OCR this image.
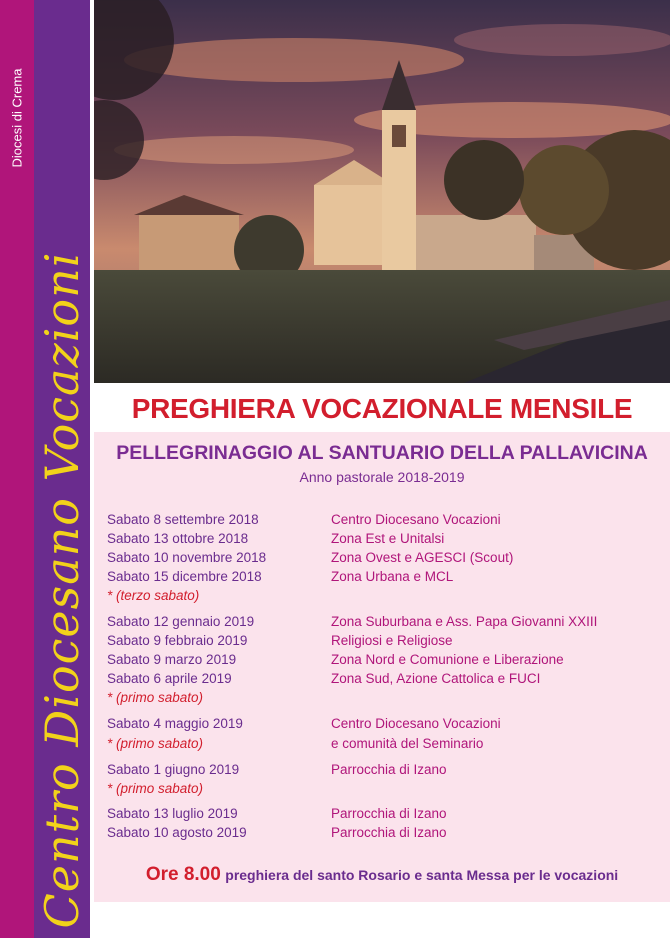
Diocesi di Crema
Centro Diocesano Vocazioni	PREGHIERA VOCAZIONALE MENSILE
PELLEGRINAGGIO AL SANTUARIO DELLA PALLAVICINA
Anno pastorale 2018-2019
Sabato 8 settembre 2018	Centro Diocesano Vocazioni
Sabato 13 ottobre 2018	Zona Est e Unitalsi
Sabato 10 novembre 2018	Zona Ovest e AGESCI (Scout)
Sabato 15 dicembre 2018	Zona Urbana e MCL
* (terzo sabato)
Sabato 12 gennaio 2019	Zona Suburbana e Ass. Papa Giovanni XXIII
Sabato 9 febbraio 2019	Religiosi e Religiose
Sabato 9 marzo 2019	Zona Nord e Comunione e Liberazione
Sabato 6 aprile 2019	Zona Sud, Azione Cattolica e FUCI
* (primo sabato)
Sabato 4 maggio 2019	Centro Diocesano Vocazioni
* (primo sabato)	e comunità del Seminario
Sabato 1 giugno 2019	Parrocchia di Izano
* (primo sabato)
Sabato 13 luglio 2019	Parrocchia di Izano
Sabato 10 agosto 2019	Parrocchia di Izano
Ore 8.00 preghiera del santo Rosario e santa Messa per le vocazioni
